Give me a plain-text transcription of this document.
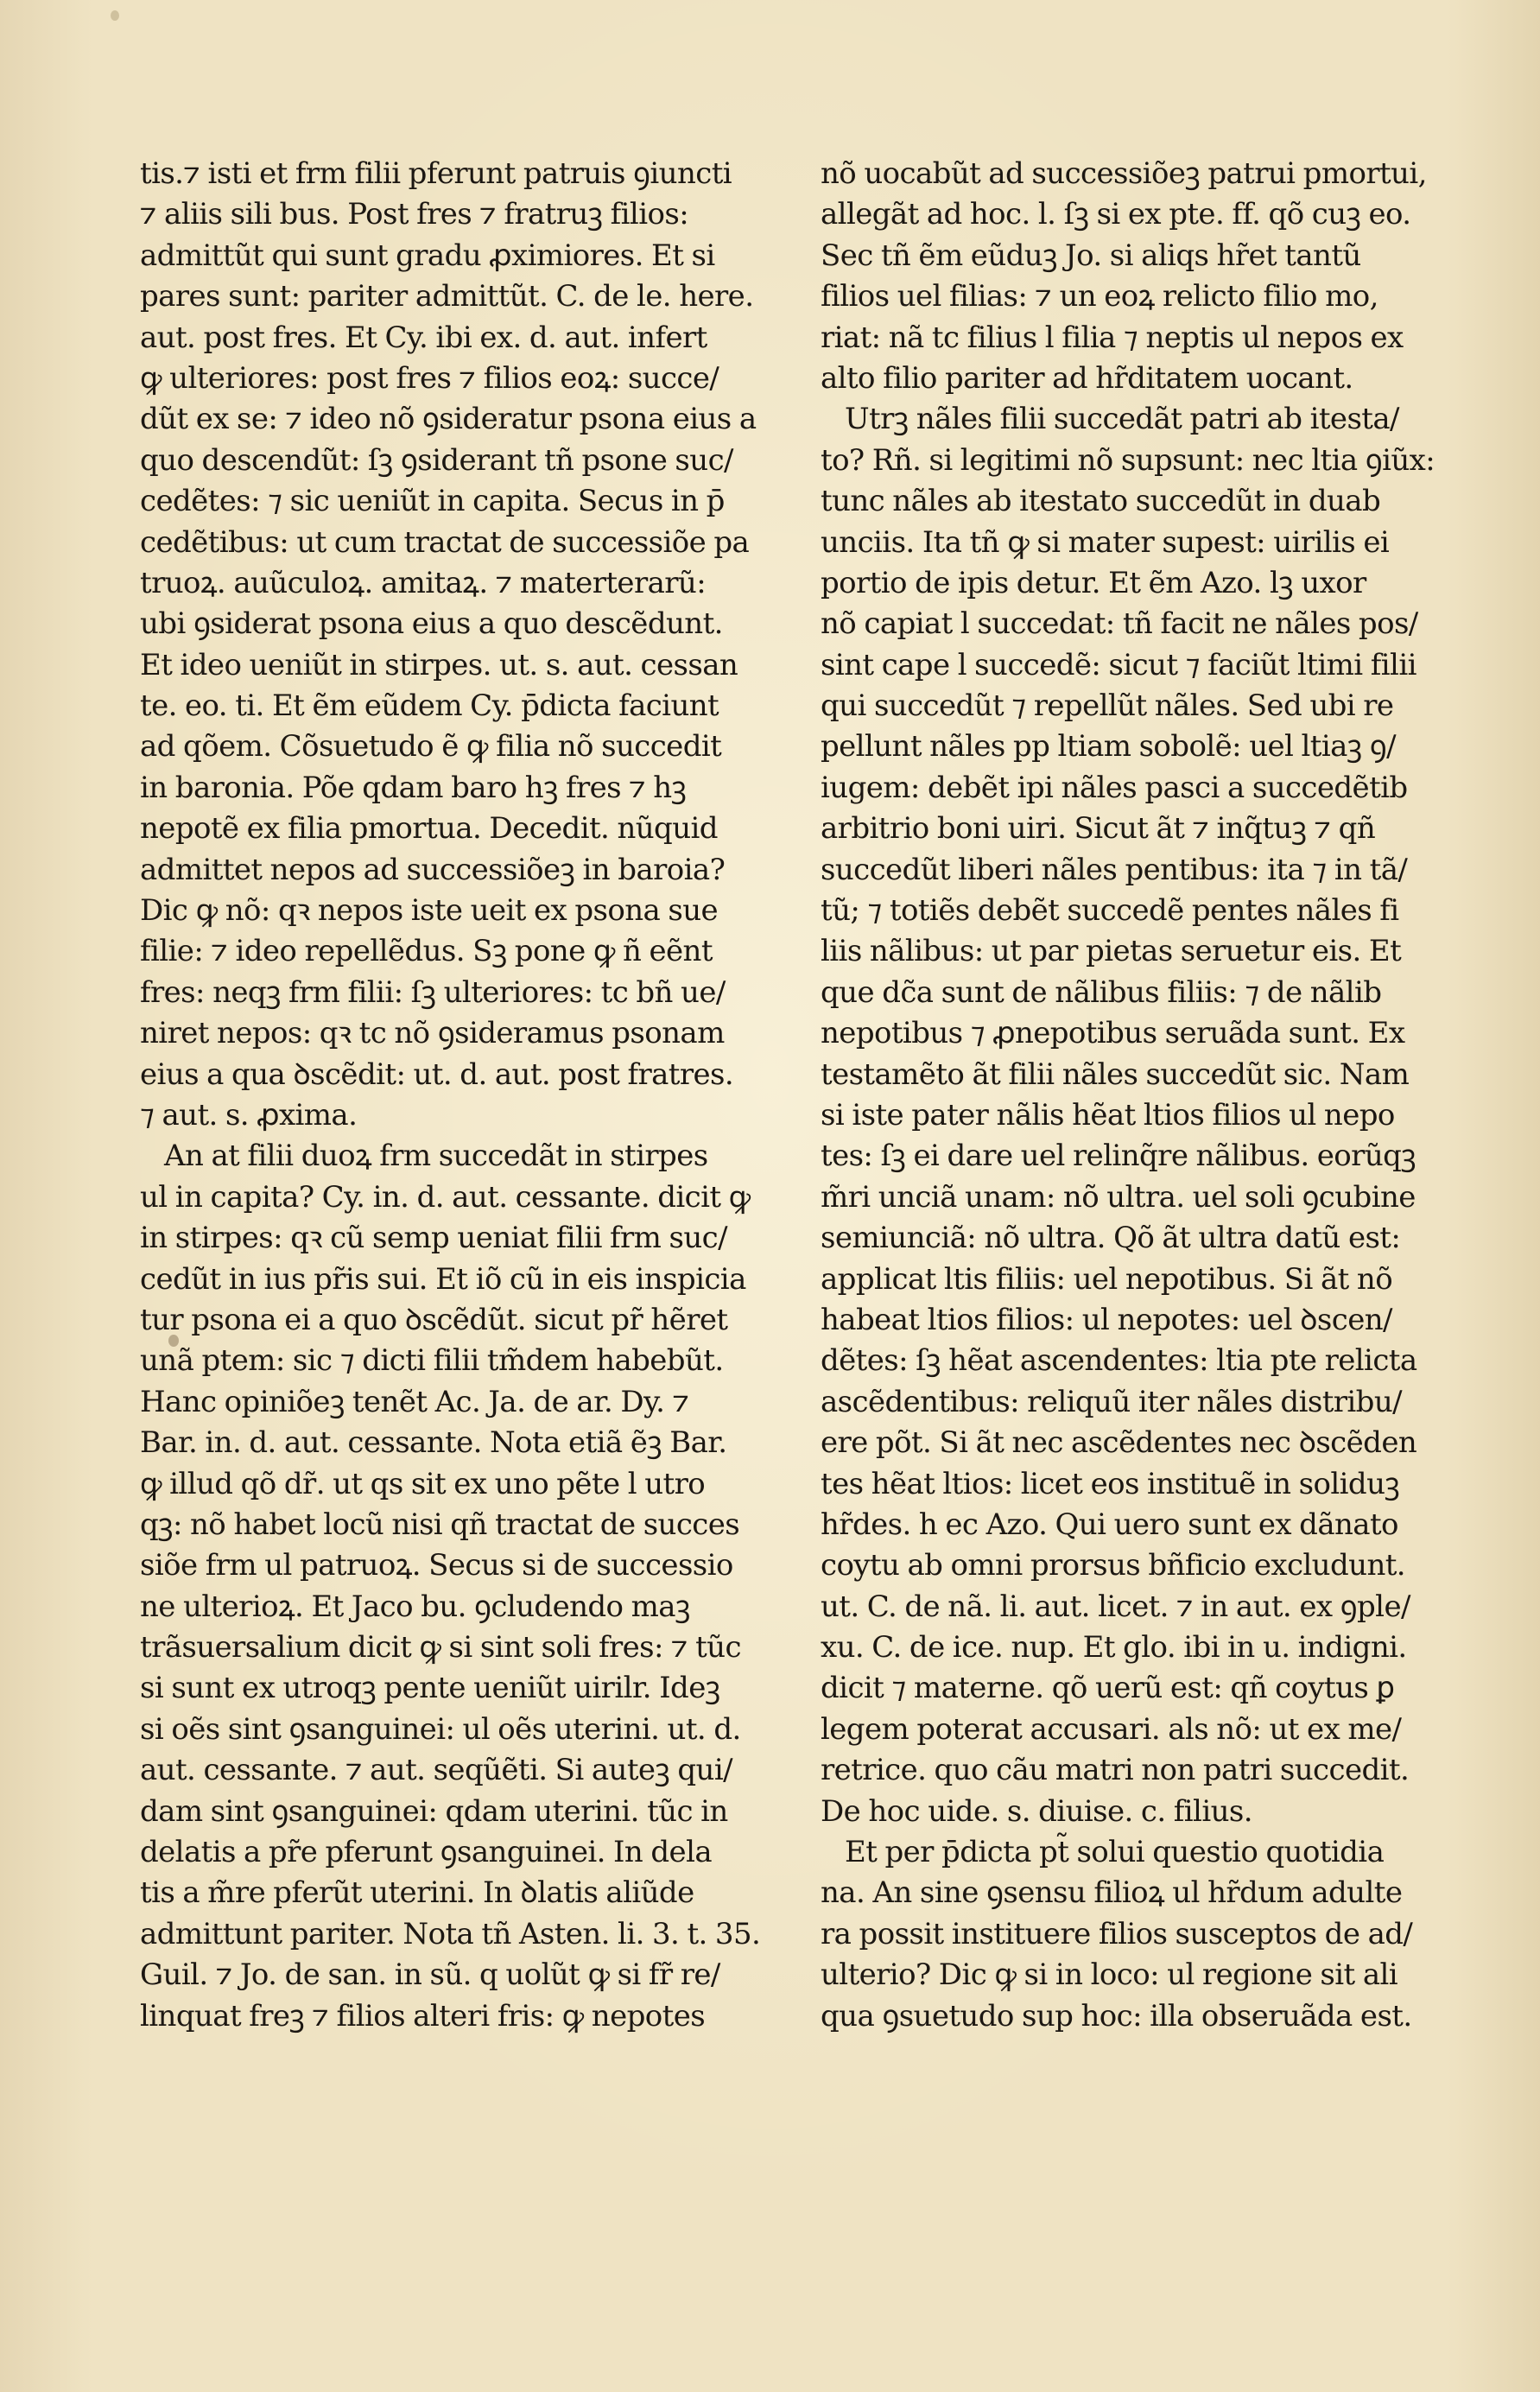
tis.⁊ isti et frm filii pferunt patruis ꝯiuncti
⁊ aliis sili bus. Post fres ⁊ fratruꝫ filios:
admittũt qui sunt gradu ꝓximiores. Et si
pares sunt: pariter admittũt. C. de le. here.
aut. post fres. Et Cy. ibi ex. d. aut. infert
ꝙ ulteriores: post fres ⁊ filios eoꝝ: succe/
dũt ex se: ⁊ ideo nõ ꝯsideratur psona eius a
quo descendũt: ſꝫ ꝯsiderant tñ psone suc/
cedẽtes: ⁊ sic ueniũt in capita. Secus in p̄
cedẽtibus: ut cum tractat de successiõe pa
truoꝝ. auũculoꝝ. amitaꝝ. ⁊ materterarũ:
ubi ꝯsiderat psona eius a quo descẽdunt.
Et ideo ueniũt in stirpes. ut. s. aut. cessan
te. eo. ti. Et ẽm eũdem Cy. p̄dicta faciunt
ad qõem. Cõsuetudo ẽ ꝙ filia nõ succedit
in baronia. Põe qdam baro hꝫ fres ⁊ hꝫ
nepotẽ ex filia pmortua. Decedit. nũquid
admittet nepos ad successiõeꝫ in baroia?
Dic ꝙ nõ: qꝛ nepos iste ueit ex psona sue
filie: ⁊ ideo repellẽdus. Sꝫ pone ꝙ ñ eẽnt
fres: neqꝫ frm filii: ſꝫ ulteriores: tc bñ ue/
niret nepos: qꝛ tc nõ ꝯsideramus psonam
eius a qua ꝺscẽdit: ut. d. aut. post fratres.
⁊ aut. s. ꝓxima.
An at filii duoꝝ frm succedãt in stirpes
ul in capita? Cy. in. d. aut. cessante. dicit ꝙ
in stirpes: qꝛ cũ semp ueniat filii frm suc/
cedũt in ius pr̃is sui. Et iõ cũ in eis inspicia
tur psona ei a quo ꝺscẽdũt. sicut pr̃ hẽret
unã ptem: sic ⁊ dicti filii tm̃dem habebũt.
Hanc opiniõeꝫ tenẽt Ac. Ja. de ar. Dy. ⁊
Bar. in. d. aut. cessante. Nota etiã ẽꝫ Bar.
ꝙ illud qõ dr̃. ut qs sit ex uno pẽte l utro
qꝫ: nõ habet locũ nisi qñ tractat de succes
siõe frm ul patruoꝝ. Secus si de successio
ne ulterioꝝ. Et Jaco bu. ꝯcludendo maꝫ
trãsuersalium dicit ꝙ si sint soli fres: ⁊ tũc
si sunt ex utroqꝫ pente ueniũt uirilr. Ideꝫ
si oẽs sint ꝯsanguinei: ul oẽs uterini. ut. d.
aut. cessante. ⁊ aut. seqũẽti. Si auteꝫ qui/
dam sint ꝯsanguinei: qdam uterini. tũc in
delatis a pr̃e pferunt ꝯsanguinei. In dela
tis a m̃re pferũt uterini. In ꝺlatis aliũde
admittunt pariter. Nota tñ Asten. li. 3. t. 35.
Guil. ⁊ Jo. de san. in sũ. q uolũt ꝙ si fr̃ re/
linquat freꝫ ⁊ filios alteri fris: ꝙ nepotes
nõ uocabũt ad successiõeꝫ patrui pmortui,
allegãt ad hoc. l. ſꝫ si ex pte. ff. qõ cuꝫ eo.
Sec tñ ẽm eũduꝫ Jo. si aliqs hr̃et tantũ
filios uel filias: ⁊ un eoꝝ relicto filio mo,
riat: nã tc filius l filia ⁊ neptis ul nepos ex
alto filio pariter ad hr̃ditatem uocant.
Utrꝫ nãles filii succedãt patri ab itesta/
to? Rñ. si legitimi nõ supsunt: nec ltia ꝯiũx:
tunc nãles ab itestato succedũt in duab
unciis. Ita tñ ꝙ si mater supest: uirilis ei
portio de ipis detur. Et ẽm Azo. lꝫ uxor
nõ capiat l succedat: tñ facit ne nãles pos/
sint cape l succedẽ: sicut ⁊ faciũt ltimi filii
qui succedũt ⁊ repellũt nãles. Sed ubi re
pellunt nãles pp ltiam sobolẽ: uel ltiaꝫ ꝯ/
iugem: debẽt ipi nãles pasci a succedẽtib
arbitrio boni uiri. Sicut ãt ⁊ inq̃tuꝫ ⁊ qñ
succedũt liberi nãles pentibus: ita ⁊ in tã/
tũ; ⁊ totiẽs debẽt succedẽ pentes nãles fi
liis nãlibus: ut par pietas seruetur eis. Et
que dc̃a sunt de nãlibus filiis: ⁊ de nãlib
nepotibus ⁊ ꝓnepotibus seruãda sunt. Ex
testamẽto ãt filii nãles succedũt sic. Nam
si iste pater nãlis hẽat ltios filios ul nepo
tes: ſꝫ ei dare uel relinq̃re nãlibus. eorũqꝫ
m̃ri unciã unam: nõ ultra. uel soli ꝯcubine
semiunciã: nõ ultra. Qõ ãt ultra datũ est:
applicat ltis filiis: uel nepotibus. Si ãt nõ
habeat ltios filios: ul nepotes: uel ꝺscen/
dẽtes: ſꝫ hẽat ascendentes: ltia pte relicta
ascẽdentibus: reliquũ iter nãles distribu/
ere põt. Si ãt nec ascẽdentes nec ꝺscẽden
tes hẽat ltios: licet eos instituẽ in soliduꝫ
hr̃des. h ec Azo. Qui uero sunt ex dãnato
coytu ab omni prorsus bñficio excludunt.
ut. C. de nã. li. aut. licet. ⁊ in aut. ex ꝯple/
xu. C. de ice. nup. Et glo. ibi in u. indigni.
dicit ⁊ materne. qõ uerũ est: qñ coytus ꝑ
legem poterat accusari. als nõ: ut ex me/
retrice. quo cãu matri non patri succedit.
De hoc uide. s. diuise. c. filius.
Et per p̄dicta pt̃ solui questio quotidia
na. An sine ꝯsensu filioꝝ ul hr̃dum adulte
ra possit instituere filios susceptos de ad/
ulterio? Dic ꝙ si in loco: ul regione sit ali
qua ꝯsuetudo sup hoc: illa obseruãda est.
